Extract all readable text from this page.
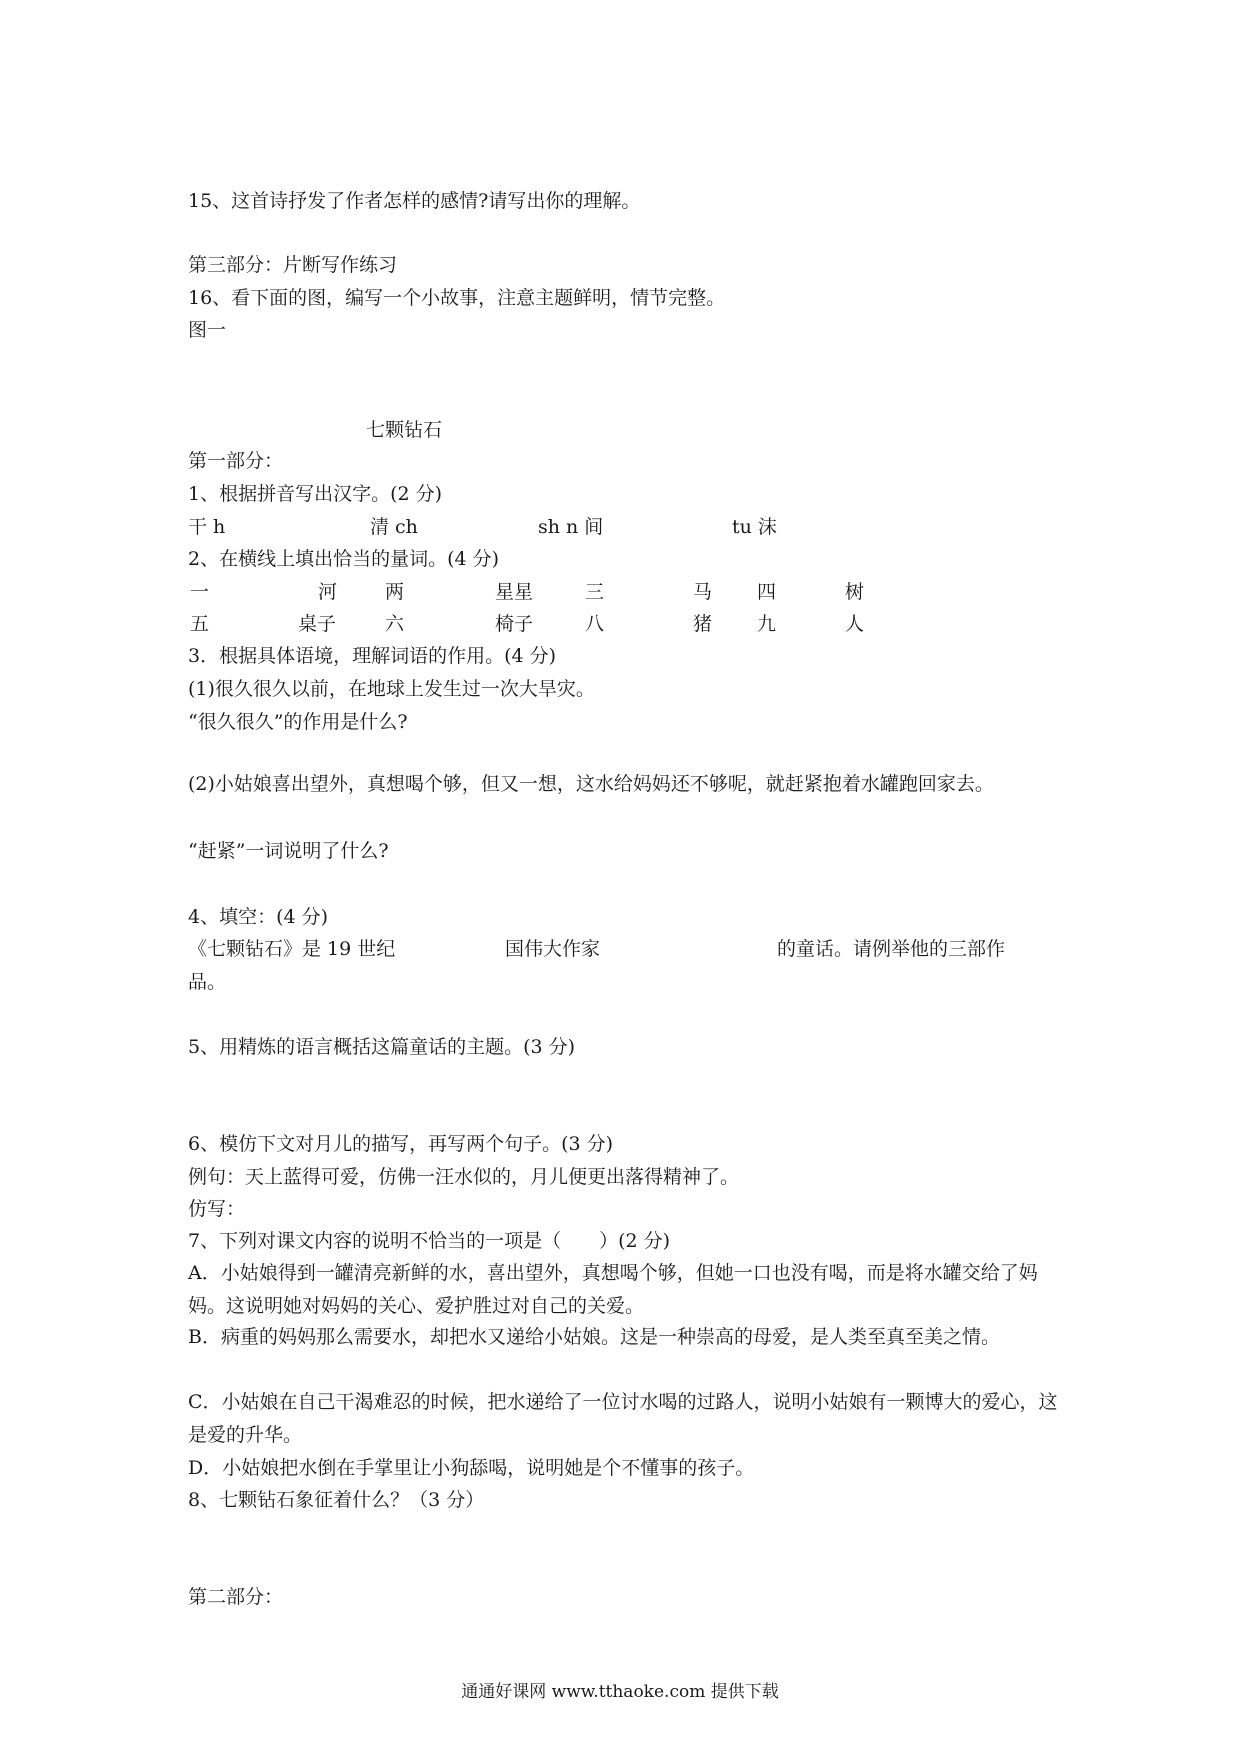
15、这首诗抒发了作者怎样的感情?请写出你的理解。
第三部分：片断写作练习
16、看下面的图，编写一个小故事，注意主题鲜明，情节完整。
图一
七颗钻石
第一部分：
1、根据拼音写出汉字。(2 分)
干 h	清 ch	sh n 间	tu 沫
2、在横线上填出恰当的量词。(4 分)
一	河	两	星星	三	马 四	树
五	桌子	六	椅子	八	猪 九	人
3．根据具体语境，理解词语的作用。(4 分)
(1)很久很久以前，在地球上发生过一次大旱灾。
“很久很久”的作用是什么?
(2)小姑娘喜出望外，真想喝个够，但又一想，这水给妈妈还不够呢，就赶紧抱着水罐跑回家去。
“赶紧”一词说明了什么?
4、填空：(4 分)
《七颗钻石》是 19 世纪	国伟大作家	的童话。请例举他的三部作
品。
5、用精炼的语言概括这篇童话的主题。(3 分)
6、模仿下文对月儿的描写，再写两个句子。(3 分)
例句：天上蓝得可爱，仿佛一汪水似的，月儿便更出落得精神了。
仿写：
7、下列对课文内容的说明不恰当的一项是（　　）(2 分)
A．小姑娘得到一罐清亮新鲜的水，喜出望外，真想喝个够，但她一口也没有喝，而是将水罐交给了妈妈。这说明她对妈妈的关心、爱护胜过对自己的关爱。
B．病重的妈妈那么需要水，却把水又递给小姑娘。这是一种崇高的母爱，是人类至真至美之情。
C．小姑娘在自己干渴难忍的时候，把水递给了一位讨水喝的过路人，说明小姑娘有一颗博大的爱心，这是爱的升华。
D．小姑娘把水倒在手掌里让小狗舔喝，说明她是个不懂事的孩子。
8、七颗钻石象征着什么？（3 分）
第二部分：
通通好课网 www.tthaoke.com 提供下载
